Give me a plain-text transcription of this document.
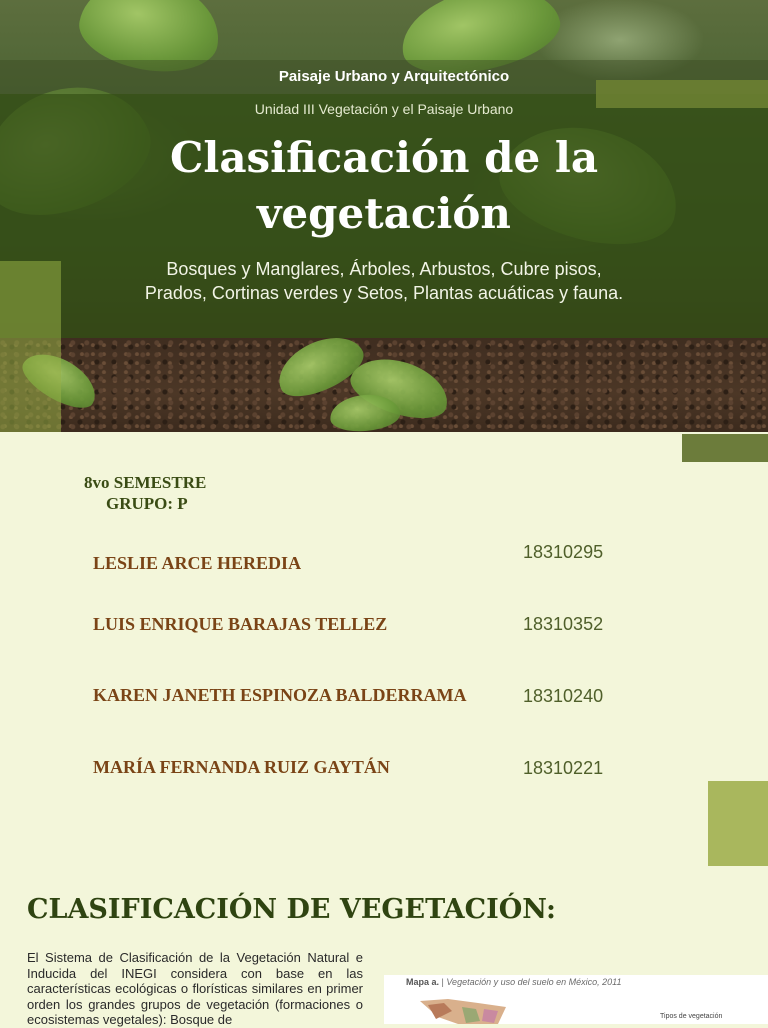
Paisaje Urbano y Arquitectónico
Unidad III Vegetación y el Paisaje Urbano
Clasificación de la
vegetación
Bosques y Manglares, Árboles, Arbustos, Cubre pisos,
Prados, Cortinas verdes y Setos, Plantas acuáticas y fauna.
8vo SEMESTRE
GRUPO: P
LESLIE ARCE HEREDIA
18310295
LUIS ENRIQUE BARAJAS TELLEZ	18310352
KAREN JANETH ESPINOZA BALDERRAMA	18310240
MARÍA FERNANDA RUIZ GAYTÁN	18310221
CLASIFICACIÓN DE VEGETACIÓN:
El Sistema de Clasificación de la Vegetación Natural e Inducida del INEGI considera con base en las características ecológicas o florísticas similares en primer orden los grandes grupos de vegetación (formaciones o ecosistemas vegetales): Bosque de
Mapa a. | Vegetación y uso del suelo en México, 2011
Tipos de vegetación
